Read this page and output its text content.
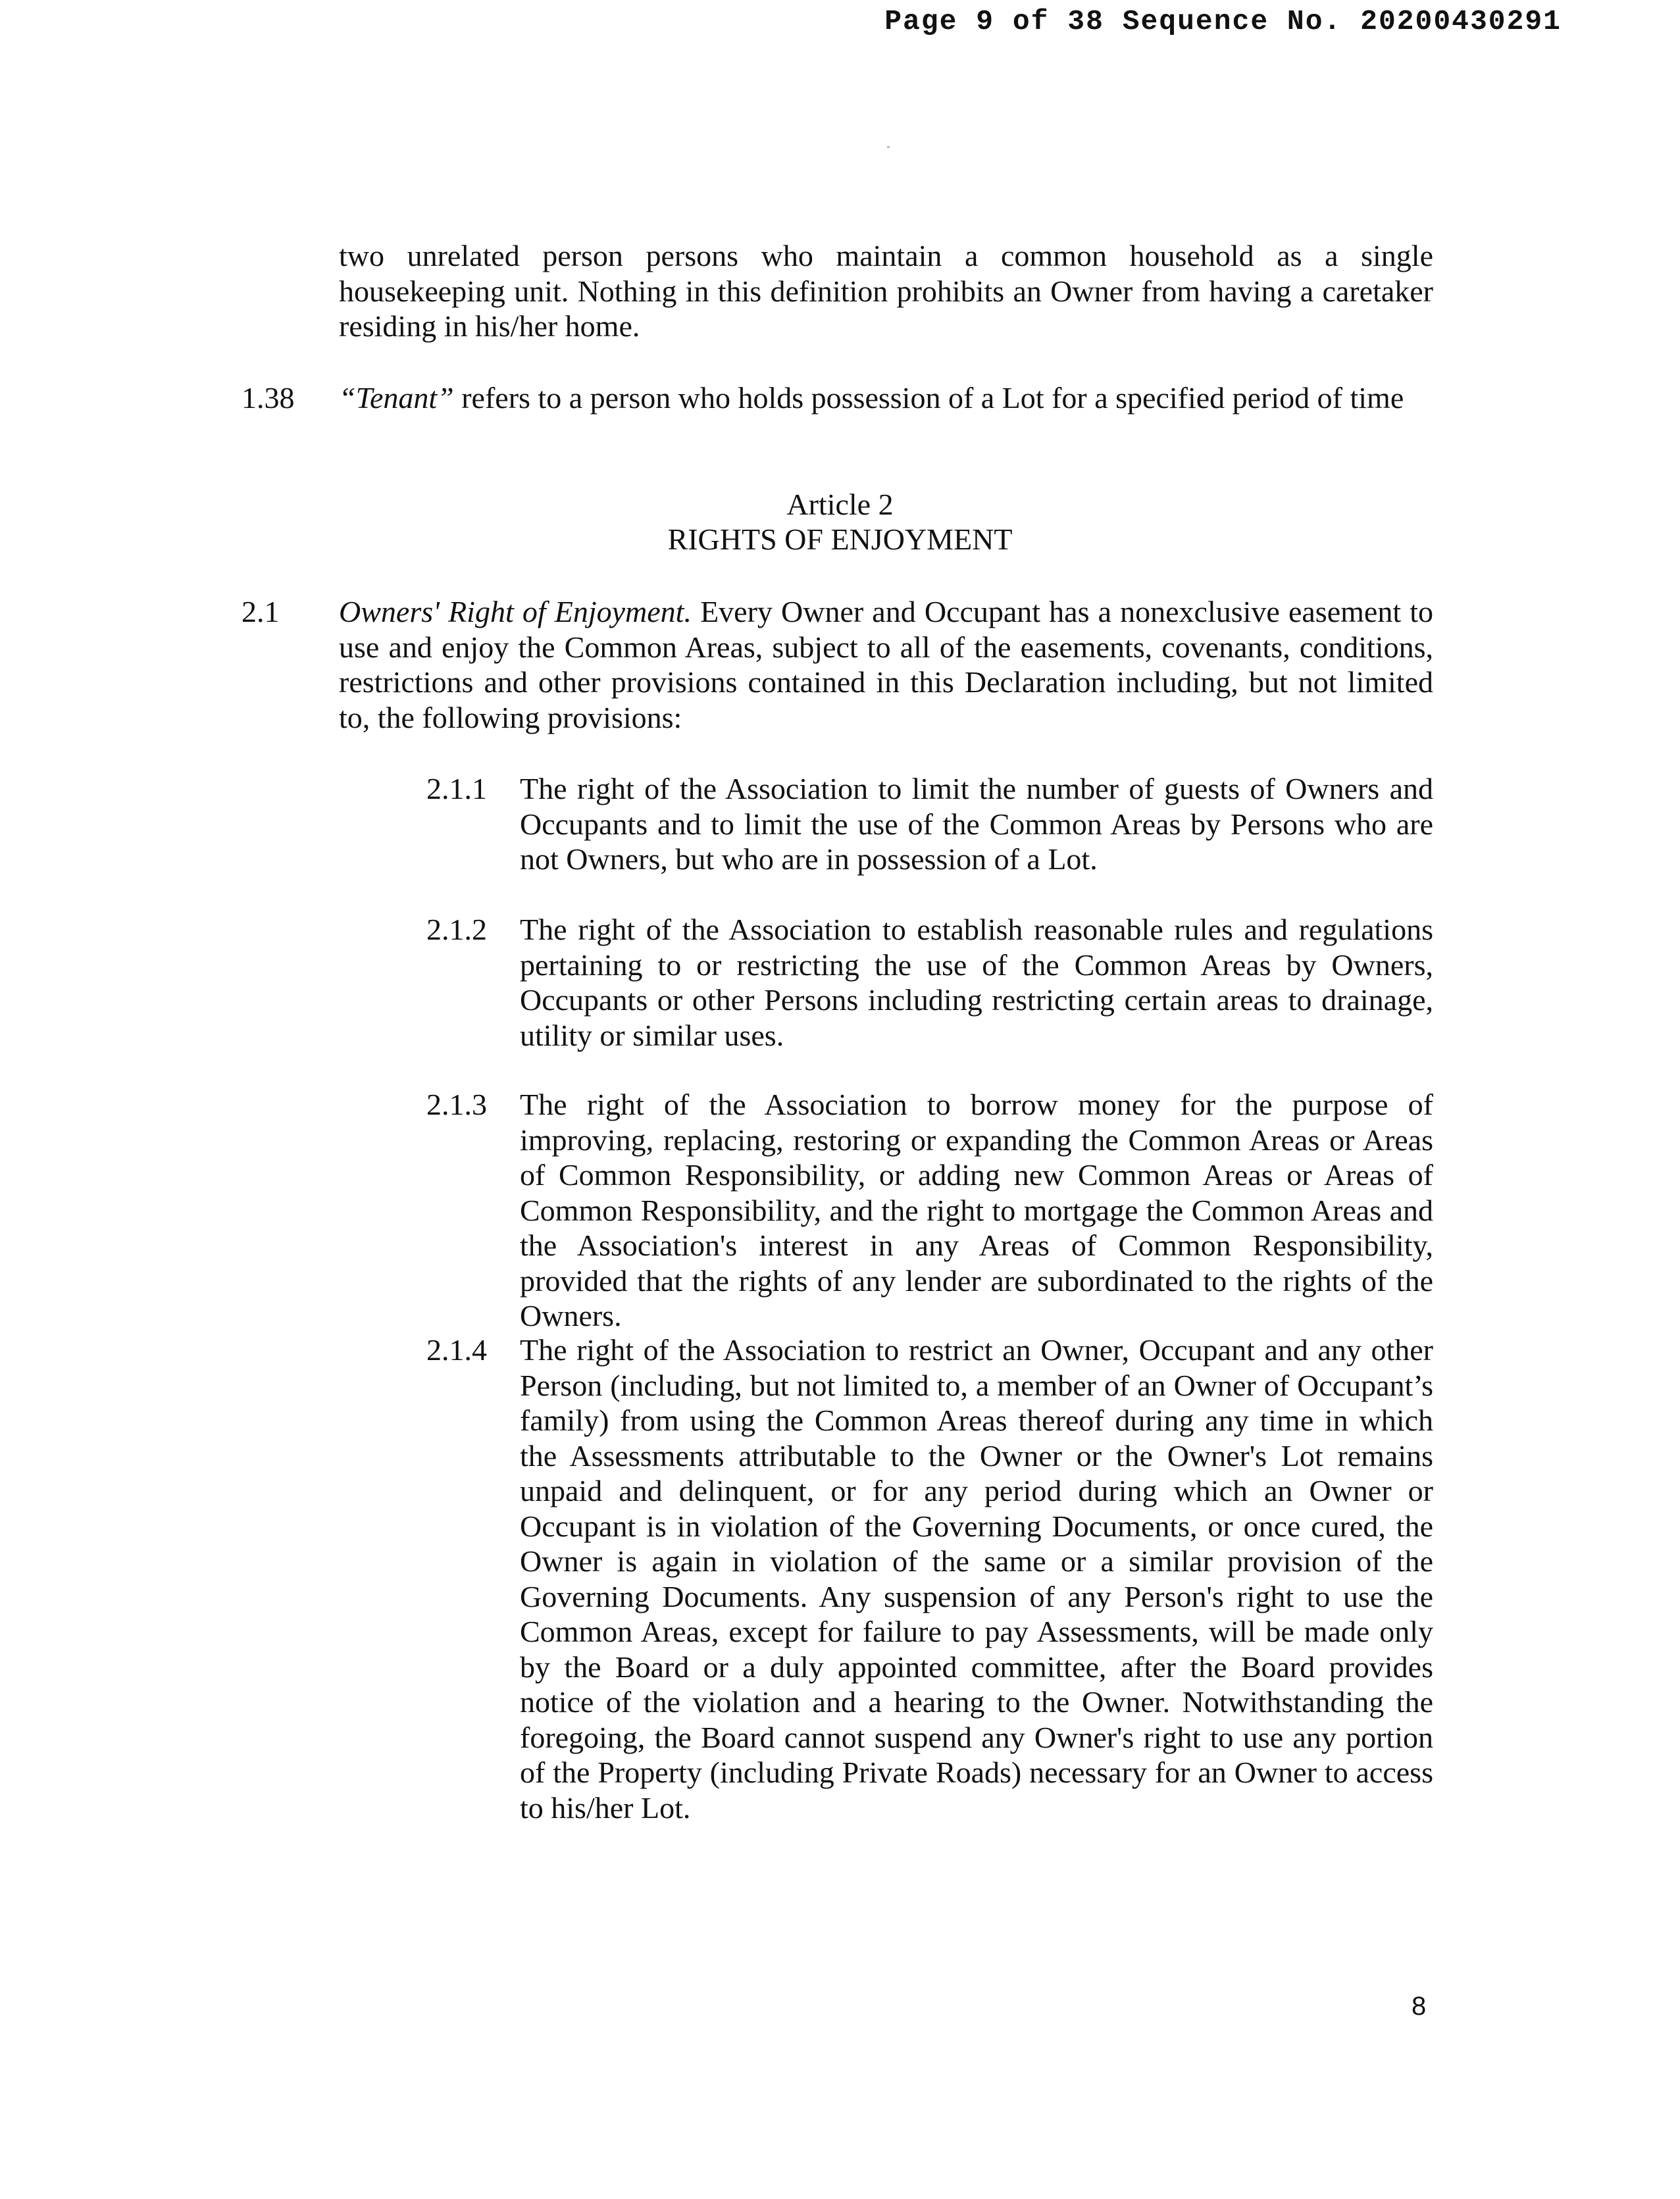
Page 9 of 38 Sequence No. 20200430291
two unrelated person persons who maintain a common household as a single housekeeping unit. Nothing in this definition prohibits an Owner from having a caretaker residing in his/her home.
1.38 “Tenant” refers to a person who holds possession of a Lot for a specified period of time
Article 2
RIGHTS OF ENJOYMENT
2.1 Owners' Right of Enjoyment. Every Owner and Occupant has a nonexclusive easement to use and enjoy the Common Areas, subject to all of the easements, covenants, conditions, restrictions and other provisions contained in this Declaration including, but not limited to, the following provisions:
2.1.1 The right of the Association to limit the number of guests of Owners and Occupants and to limit the use of the Common Areas by Persons who are not Owners, but who are in possession of a Lot.
2.1.2 The right of the Association to establish reasonable rules and regulations pertaining to or restricting the use of the Common Areas by Owners, Occupants or other Persons including restricting certain areas to drainage, utility or similar uses.
2.1.3 The right of the Association to borrow money for the purpose of improving, replacing, restoring or expanding the Common Areas or Areas of Common Responsibility, or adding new Common Areas or Areas of Common Responsibility, and the right to mortgage the Common Areas and the Association's interest in any Areas of Common Responsibility, provided that the rights of any lender are subordinated to the rights of the Owners.
2.1.4 The right of the Association to restrict an Owner, Occupant and any other Person (including, but not limited to, a member of an Owner of Occupant’s family) from using the Common Areas thereof during any time in which the Assessments attributable to the Owner or the Owner's Lot remains unpaid and delinquent, or for any period during which an Owner or Occupant is in violation of the Governing Documents, or once cured, the Owner is again in violation of the same or a similar provision of the Governing Documents. Any suspension of any Person's right to use the Common Areas, except for failure to pay Assessments, will be made only by the Board or a duly appointed committee, after the Board provides notice of the violation and a hearing to the Owner. Notwithstanding the foregoing, the Board cannot suspend any Owner's right to use any portion of the Property (including Private Roads) necessary for an Owner to access to his/her Lot.
8
